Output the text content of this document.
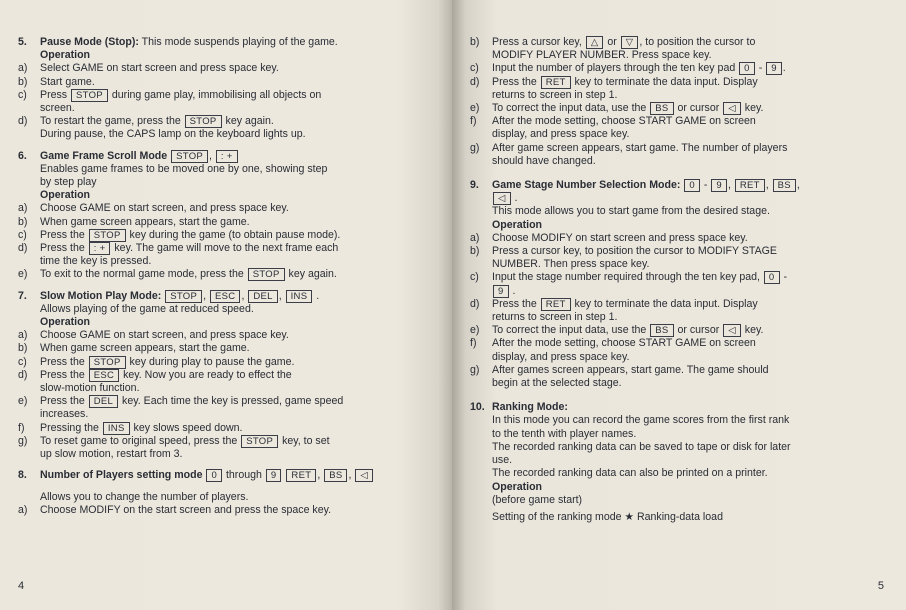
5.	Pause Mode (Stop): This mode suspends playing of the game.
Operation
a)	Select GAME on start screen and press space key.
b)	Start game.
c)	Press STOP during game play, immobilising all objects on
screen.
d)	To restart the game, press the STOP key again.
During pause, the CAPS lamp on the keyboard lights up.
6.	Game Frame Scroll Mode STOP , : +
Enables game frames to be moved one by one, showing step
by step play
Operation
a)	Choose GAME on start screen, and press space key.
b)	When game screen appears, start the game.
c)	Press the STOP key during the game (to obtain pause mode).
d)	Press the : + key. The game will move to the next frame each
time the key is pressed.
e)	To exit to the normal game mode, press the STOP key again.
7.	Slow Motion Play Mode: STOP , ESC , DEL , INS .
Allows playing of the game at reduced speed.
Operation
a)	Choose GAME on start screen, and press space key.
b)	When game screen appears, start the game.
c)	Press the STOP key during play to pause the game.
d)	Press the ESC key. Now you are ready to effect the
slow-motion function.
e)	Press the DEL key. Each time the key is pressed, game speed
increases.
f)	Pressing the INS key slows speed down.
g)	To reset game to original speed, press the STOP key, to set
up slow motion, restart from 3.
8.	Number of Players setting mode 0 through 9 RET , BS , ◁
Allows you to change the number of players.
a)	Choose MODIFY on the start screen and press the space key.
4
b)	Press a cursor key, △ or ▽ , to position the cursor to
MODIFY PLAYER NUMBER. Press space key.
c)	Input the number of players through the ten key pad 0 - 9 .
d)	Press the RET key to terminate the data input. Display
returns to screen in step 1.
e)	To correct the input data, use the BS or cursor ◁ key.
f)	After the mode setting, choose START GAME on screen
display, and press space key.
g)	After game screen appears, start game. The number of players
should have changed.
9.	Game Stage Number Selection Mode: 0 - 9 , RET , BS ,
◁ .
This mode allows you to start game from the desired stage.
Operation
a)	Choose MODIFY on start screen and press space key.
b)	Press a cursor key, to position the cursor to MODIFY STAGE
NUMBER. Then press space key.
c)	Input the stage number required through the ten key pad, 0 -
9 .
d)	Press the RET key to terminate the data input. Display
returns to screen in step 1.
e)	To correct the input data, use the BS or cursor ◁ key.
f)	After the mode setting, choose START GAME on screen
display, and press space key.
g)	After games screen appears, start game. The game should
begin at the selected stage.
10. Ranking Mode:
In this mode you can record the game scores from the first rank
to the tenth with player names.
The recorded ranking data can be saved to tape or disk for later
use.
The recorded ranking data can also be printed on a printer.
Operation
(before game start)
Setting of the ranking mode ★ Ranking-data load
5
